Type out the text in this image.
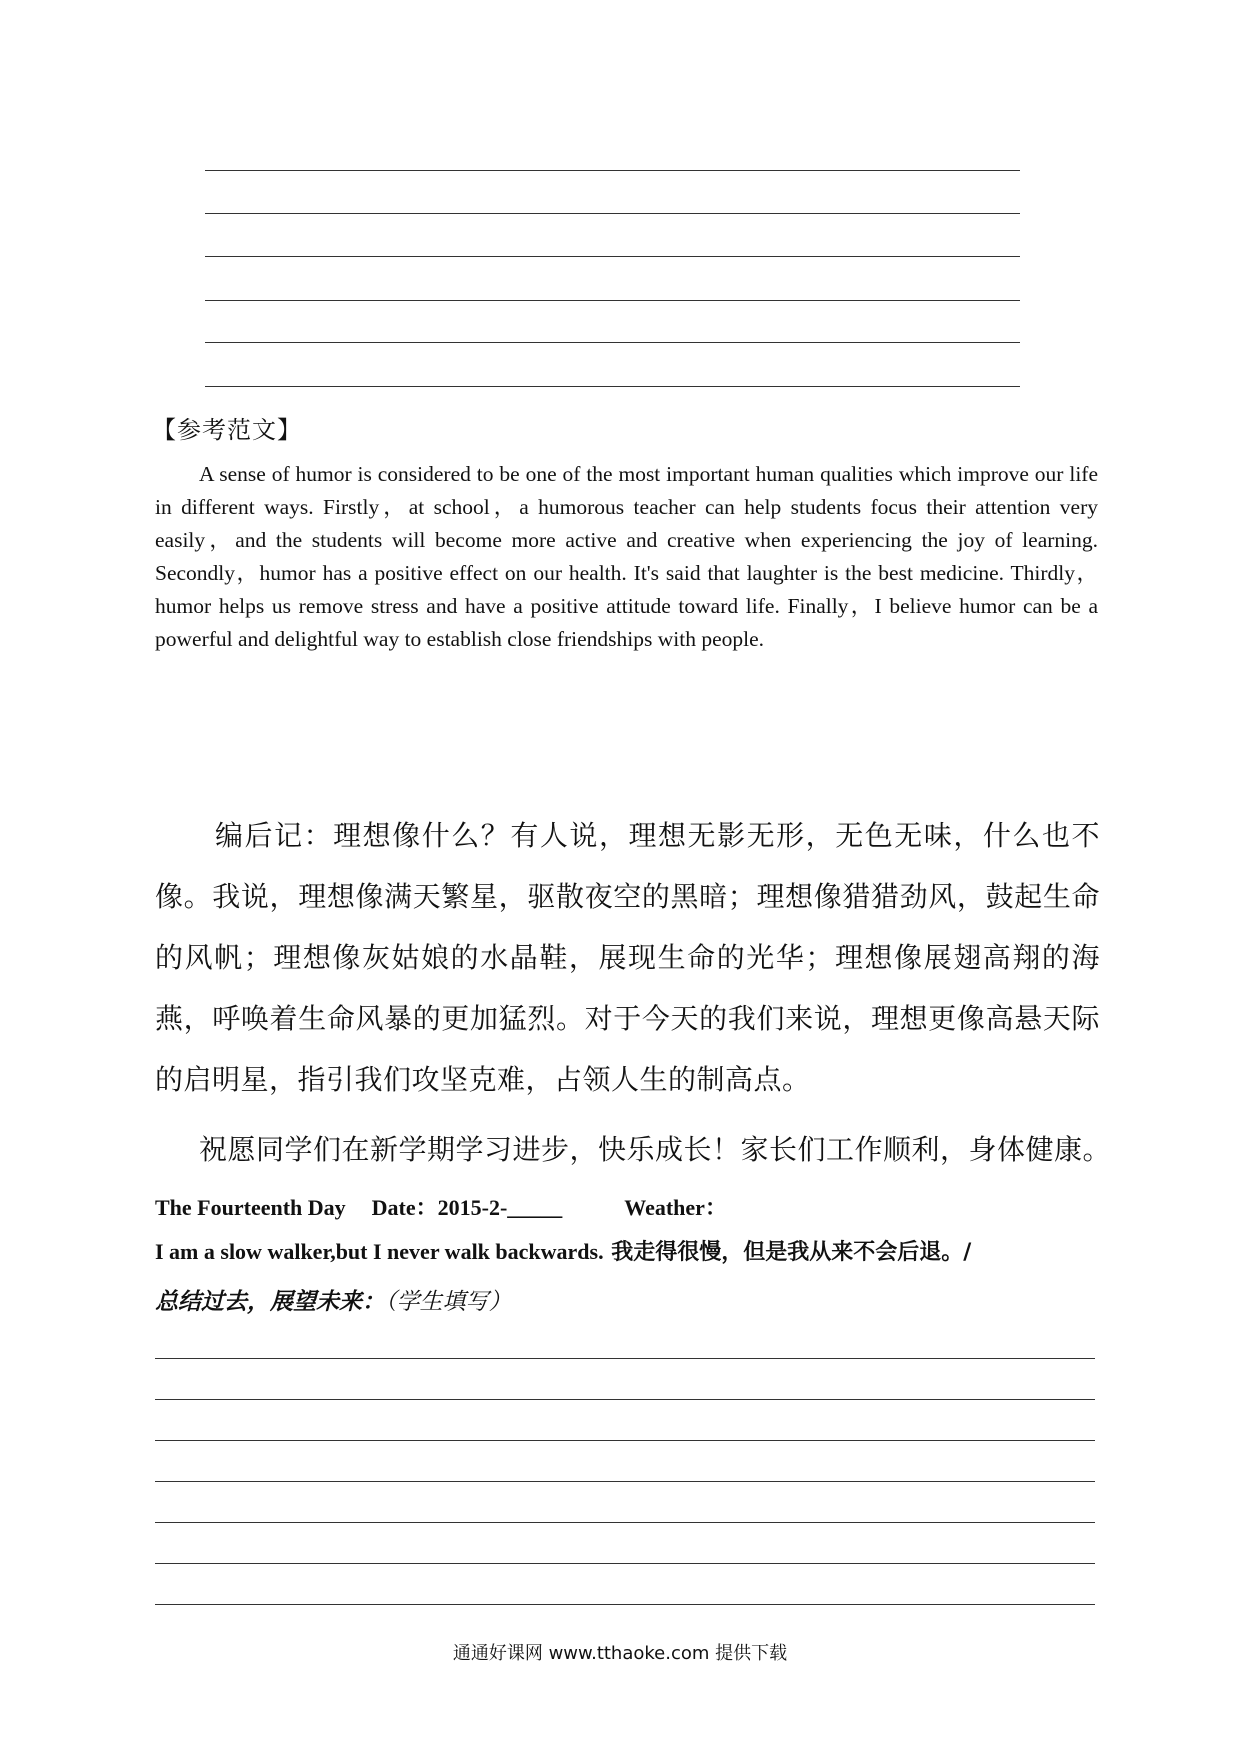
【参考范文】

A sense of humor is considered to be one of the most important human qualities which improve our life in different ways. Firstly，at school，a humorous teacher can help students focus their attention very easily，and the students will become more active and creative when experiencing the joy of learning. Secondly，humor has a positive effect on our health. It's said that laughter is the best medicine. Thirdly，humor helps us remove stress and have a positive attitude toward life. Finally，I believe humor can be a powerful and delightful way to establish close friendships with people.

编后记：理想像什么？有人说，理想无影无形，无色无味，什么也不像。我说，理想像满天繁星，驱散夜空的黑暗；理想像猎猎劲风，鼓起生命的风帆；理想像灰姑娘的水晶鞋，展现生命的光华；理想像展翅高翔的海燕，呼唤着生命风暴的更加猛烈。对于今天的我们来说，理想更像高悬天际的启明星，指引我们攻坚克难，占领人生的制高点。

祝愿同学们在新学期学习进步，快乐成长！家长们工作顺利，身体健康。

The Fourteenth Day Date：2015-2-_____	Weather：
I am a slow walker,but I never walk backwards. 我走得很慢，但是我从来不会后退。/
总结过去，展望未来：（学生填写）
通通好课网 www.tthaoke.com 提供下载
